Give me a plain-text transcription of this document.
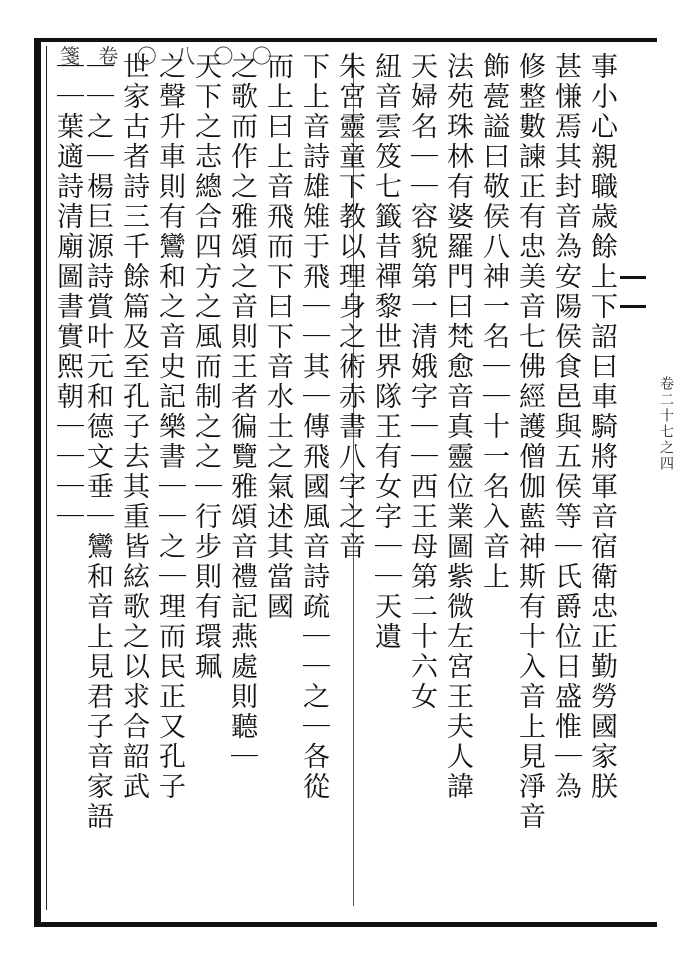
箋 卷 〇 八 〇 〇
卷二十七之四
事小心親職歳餘上下詔曰車騎將軍音宿衛忠正勤勞國家朕
甚慊焉其封音為安陽侯食邑與五侯等｜氏爵位日盛惟｜為
修整數諫正有忠美音七佛經護僧伽藍神斯有十入音上見淨音
飾甍謚曰敬侯八神一名｜｜十一名入音上
法苑珠林有婆羅門曰梵愈音真靈位業圖紫微左宮王夫人諱
天婦名｜｜容貌第一清娥字｜｜西王母第二十六女
紐音雲笈七籤昔禪黎世界隊王有女字｜｜天遺
朱宮靈童下教以理身之術赤書八字之音
下上音詩雄雉于飛｜｜其｜傳飛國風音詩疏｜｜之｜各從
而上曰上音飛而下曰下音水土之氣述其當國
之歌而作之雅頌之音則王者徧覽雅頌音禮記燕處則聽｜
天下之志總合四方之風而制之之｜行步則有環珮
之聲升車則有鸞和之音史記樂書｜｜之｜理而民正又孔子
世家古者詩三千餘篇及至孔子去其重皆絃歌之以求合韶武
｜｜之｜楊巨源詩賞叶元和德文垂｜鸞和音上見君子音家語
｜｜葉適詩清廟圖書實熙朝｜｜｜｜
